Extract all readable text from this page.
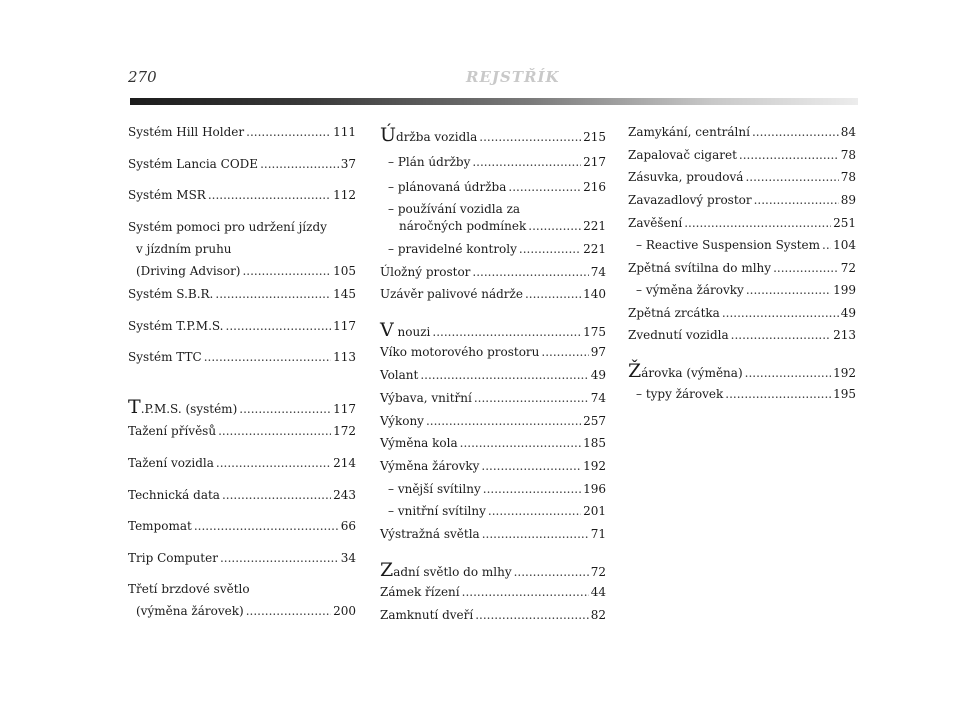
270	REJSTŘÍK
Systém Hill Holder .....	111
Systém Lancia CODE .....	37
Systém MSR .....	112
Systém pomoci pro udržení jízdy
v jízdním pruhu
(Driving Advisor) .....	105
Systém S.B.R. .....	145
Systém T.P.M.S. .....	117
Systém TTC .....	113
T.P.M.S. (systém) .....	117
Tažení přívěsů .....	172
Tažení vozidla .....	214
Technická data .....	243
Tempomat .....	66
Trip Computer .....	34
Třetí brzdové světlo
(výměna žárovek) .....	200
Údržba vozidla .....	215
– Plán údržby .....	217
– plánovaná údržba .....	216
– používání vozidla za
náročných podmínek .....	221
– pravidelné kontroly .....	221
Úložný prostor .....	74
Uzávěr palivové nádrže .....	140
V nouzi .....	175
Víko motorového prostoru .....	97
Volant .....	49
Výbava, vnitřní .....	74
Výkony .....	257
Výměna kola .....	185
Výměna žárovky .....	192
– vnější svítilny .....	196
– vnitřní svítilny .....	201
Výstražná světla .....	71
Zadní světlo do mlhy .....	72
Zámek řízení .....	44
Zamknutí dveří .....	82
Zamykání, centrální .....	84
Zapalovač cigaret .....	78
Zásuvka, proudová .....	78
Zavazadlový prostor .....	89
Zavěšení .....	251
– Reactive Suspension System ..... 104
Zpětná svítilna do mlhy .....	72
– výměna žárovky .....	199
Zpětná zrcátka .....	49
Zvednutí vozidla .....	213
Žárovka (výměna) .....	192
– typy žárovek .....	195
